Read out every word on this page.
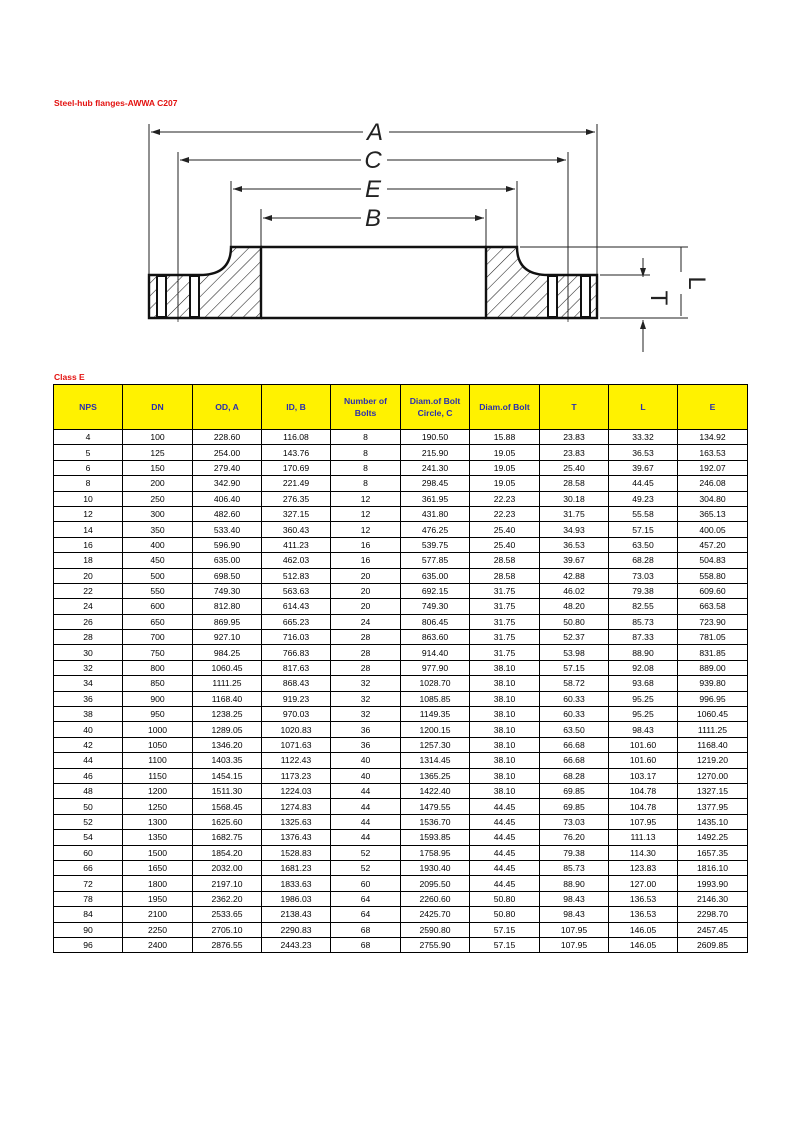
Steel-hub flanges-AWWA C207
A
C
E
B
T
L
Class E
NPS	DN	OD, A	ID, B	Number of Bolts	Diam.of Bolt Circle, C	Diam.of Bolt	T	L	E
4	100	228.60	116.08	8	190.50	15.88	23.83	33.32	134.92
5	125	254.00	143.76	8	215.90	19.05	23.83	36.53	163.53
6	150	279.40	170.69	8	241.30	19.05	25.40	39.67	192.07
8	200	342.90	221.49	8	298.45	19.05	28.58	44.45	246.08
10	250	406.40	276.35	12	361.95	22.23	30.18	49.23	304.80
12	300	482.60	327.15	12	431.80	22.23	31.75	55.58	365.13
14	350	533.40	360.43	12	476.25	25.40	34.93	57.15	400.05
16	400	596.90	411.23	16	539.75	25.40	36.53	63.50	457.20
18	450	635.00	462.03	16	577.85	28.58	39.67	68.28	504.83
20	500	698.50	512.83	20	635.00	28.58	42.88	73.03	558.80
22	550	749.30	563.63	20	692.15	31.75	46.02	79.38	609.60
24	600	812.80	614.43	20	749.30	31.75	48.20	82.55	663.58
26	650	869.95	665.23	24	806.45	31.75	50.80	85.73	723.90
28	700	927.10	716.03	28	863.60	31.75	52.37	87.33	781.05
30	750	984.25	766.83	28	914.40	31.75	53.98	88.90	831.85
32	800	1060.45	817.63	28	977.90	38.10	57.15	92.08	889.00
34	850	1111.25	868.43	32	1028.70	38.10	58.72	93.68	939.80
36	900	1168.40	919.23	32	1085.85	38.10	60.33	95.25	996.95
38	950	1238.25	970.03	32	1149.35	38.10	60.33	95.25	1060.45
40	1000	1289.05	1020.83	36	1200.15	38.10	63.50	98.43	1111.25
42	1050	1346.20	1071.63	36	1257.30	38.10	66.68	101.60	1168.40
44	1100	1403.35	1122.43	40	1314.45	38.10	66.68	101.60	1219.20
46	1150	1454.15	1173.23	40	1365.25	38.10	68.28	103.17	1270.00
48	1200	1511.30	1224.03	44	1422.40	38.10	69.85	104.78	1327.15
50	1250	1568.45	1274.83	44	1479.55	44.45	69.85	104.78	1377.95
52	1300	1625.60	1325.63	44	1536.70	44.45	73.03	107.95	1435.10
54	1350	1682.75	1376.43	44	1593.85	44.45	76.20	111.13	1492.25
60	1500	1854.20	1528.83	52	1758.95	44.45	79.38	114.30	1657.35
66	1650	2032.00	1681.23	52	1930.40	44.45	85.73	123.83	1816.10
72	1800	2197.10	1833.63	60	2095.50	44.45	88.90	127.00	1993.90
78	1950	2362.20	1986.03	64	2260.60	50.80	98.43	136.53	2146.30
84	2100	2533.65	2138.43	64	2425.70	50.80	98.43	136.53	2298.70
90	2250	2705.10	2290.83	68	2590.80	57.15	107.95	146.05	2457.45
96	2400	2876.55	2443.23	68	2755.90	57.15	107.95	146.05	2609.85
